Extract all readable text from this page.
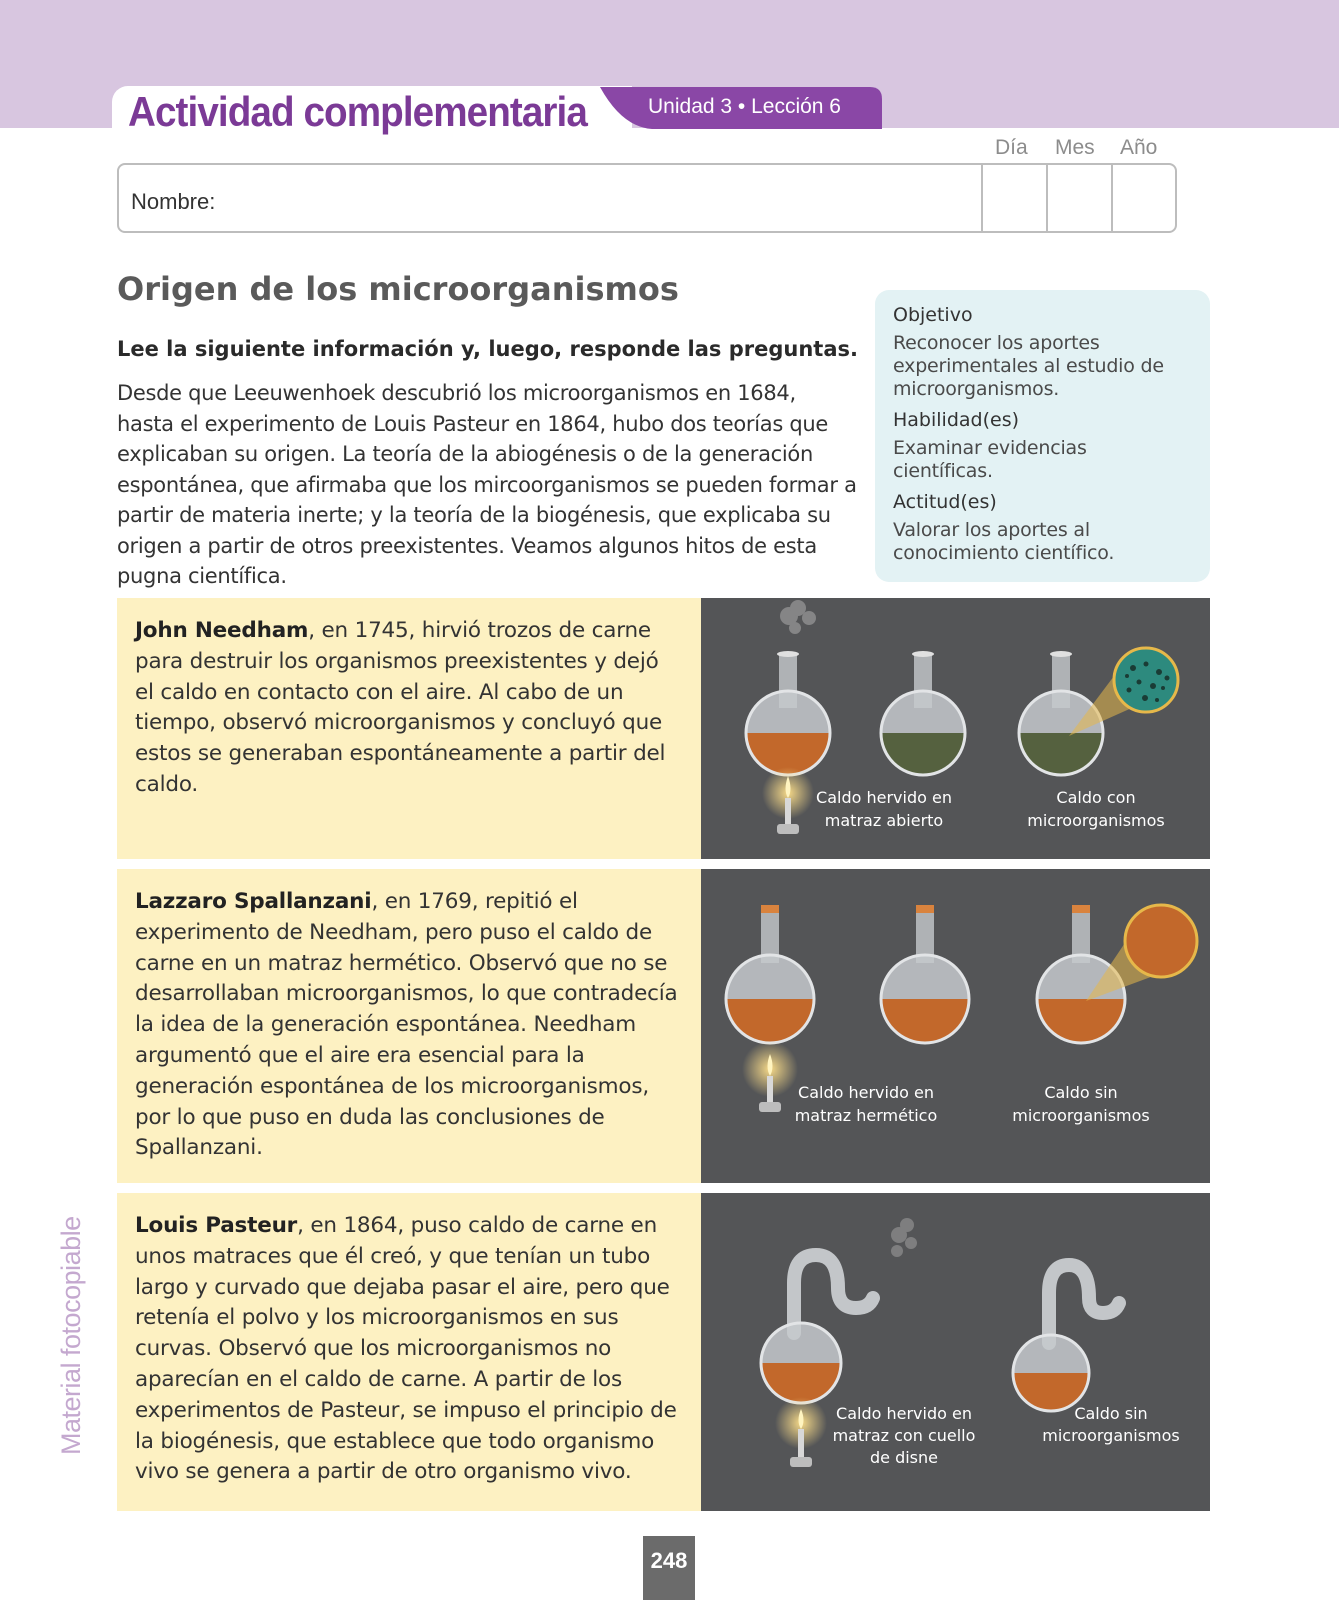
Actividad complementaria	Unidad 3 • Lección 6
Día Mes Año
Nombre:
Origen de los microorganismos
Lee la siguiente información y, luego, responde las preguntas.
Desde que Leeuwenhoek descubrió los microorganismos en 1684, hasta el experimento de Louis Pasteur en 1864, hubo dos teorías que explicaban su origen. La teoría de la abiogénesis o de la generación espontánea, que afirmaba que los mircoorganismos se pueden formar a partir de materia inerte; y la teoría de la biogénesis, que explicaba su origen a partir de otros preexistentes. Veamos algunos hitos de esta pugna científica.
Objetivo
Reconocer los aportes experimentales al estudio de microorganismos.
Habilidad(es)
Examinar evidencias científicas.
Actitud(es)
Valorar los aportes al conocimiento científico.
John Needham, en 1745, hirvió trozos de carne para destruir los organismos preexistentes y dejó el caldo en contacto con el aire. Al cabo de un tiempo, observó microorganismos y concluyó que estos se generaban espontáneamente a partir del caldo.
Caldo hervido en matraz abierto
Caldo con microorganismos
Lazzaro Spallanzani, en 1769, repitió el experimento de Needham, pero puso el caldo de carne en un matraz hermético. Observó que no se desarrollaban microorganismos, lo que contradecía la idea de la generación espontánea. Needham argumentó que el aire era esencial para la generación espontánea de los microorganismos, por lo que puso en duda las conclusiones de Spallanzani.
Caldo hervido en matraz hermético
Caldo sin microorganismos
Louis Pasteur, en 1864, puso caldo de carne en unos matraces que él creó, y que tenían un tubo largo y curvado que dejaba pasar el aire, pero que retenía el polvo y los microorganismos en sus curvas. Observó que los microorganismos no aparecían en el caldo de carne. A partir de los experimentos de Pasteur, se impuso el principio de la biogénesis, que establece que todo organismo vivo se genera a partir de otro organismo vivo.
Caldo hervido en matraz con cuello de disne
Caldo sin microorganismos
Material fotocopiable
248
